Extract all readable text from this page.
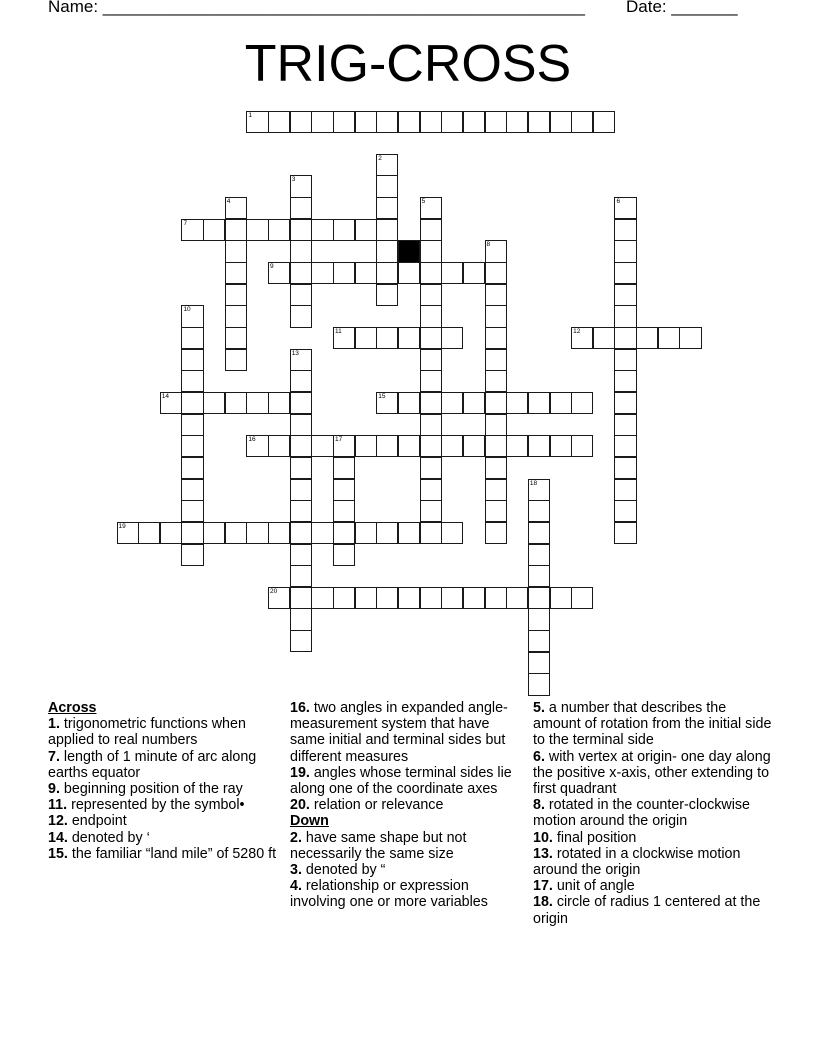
Name: ___________________________________________________ Date: _______
TRIG-CROSS
1
2
3
4	5	6
7
8
9
10
11	12
13
14	15
16	17
18
19
20

Across

1. trigonometric functions when applied to real numbers

7. length of 1 minute of arc along earths equator

9. beginning position of the ray

11. represented by the symbol•

12. endpoint

14. denoted by ‘

15. the familiar “land mile” of 5280 ft

16. two angles in expanded angle-measurement system that have same initial and terminal sides but different measures

19. angles whose terminal sides lie along one of the coordinate axes

20. relation or relevance

Down

2. have same shape but not necessarily the same size

3. denoted by “

4. relationship or expression involving one or more variables

5. a number that describes the amount of rotation from the initial side to the terminal side

6. with vertex at origin- one day along the positive x-axis, other extending to first quadrant

8. rotated in the counter-clockwise motion around the origin

10. final position

13. rotated in a clockwise motion around the origin

17. unit of angle

18. circle of radius 1 centered at the origin
